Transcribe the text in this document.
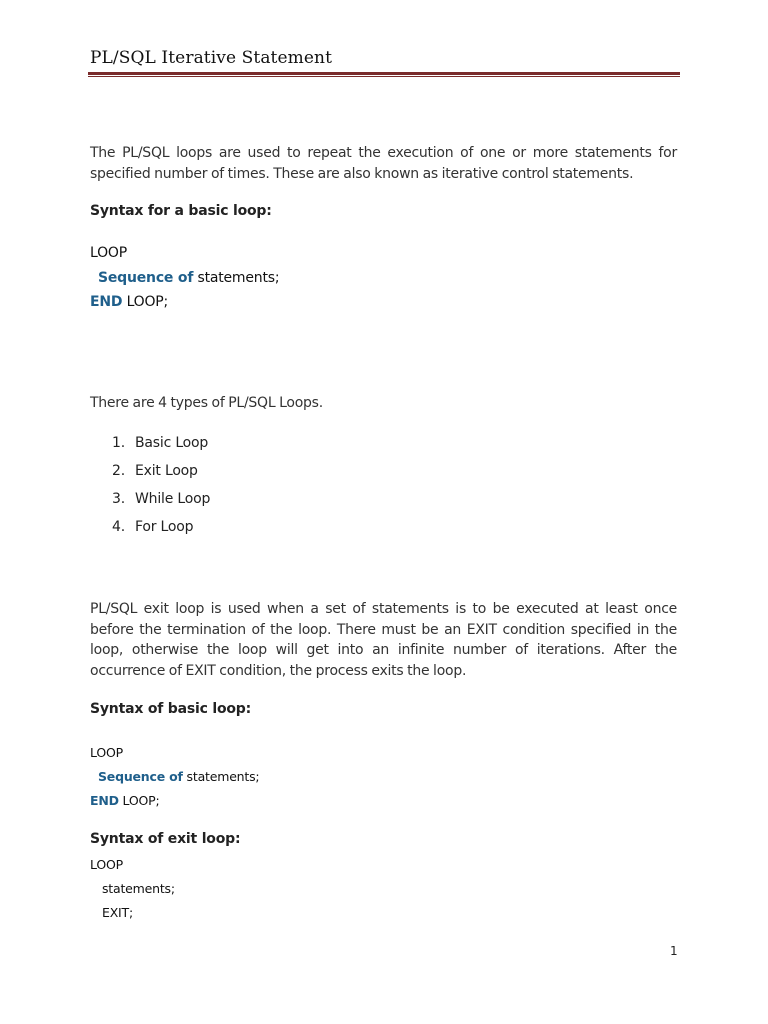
PL/SQL Iterative Statement

The PL/SQL loops are used to repeat the execution of one or more statements for specified number of times. These are also known as iterative control statements.

Syntax for a basic loop:
LOOP
Sequence of statements;
END LOOP;
There are 4 types of PL/SQL Loops.
1. Basic Loop
2. Exit Loop
3. While Loop
4. For Loop

PL/SQL exit loop is used when a set of statements is to be executed at least once before the termination of the loop. There must be an EXIT condition specified in the loop, otherwise the loop will get into an infinite number of iterations. After the occurrence of EXIT condition, the process exits the loop.

Syntax of basic loop:
LOOP
Sequence of statements;
END LOOP;
Syntax of exit loop:
LOOP
statements;
EXIT;
1
